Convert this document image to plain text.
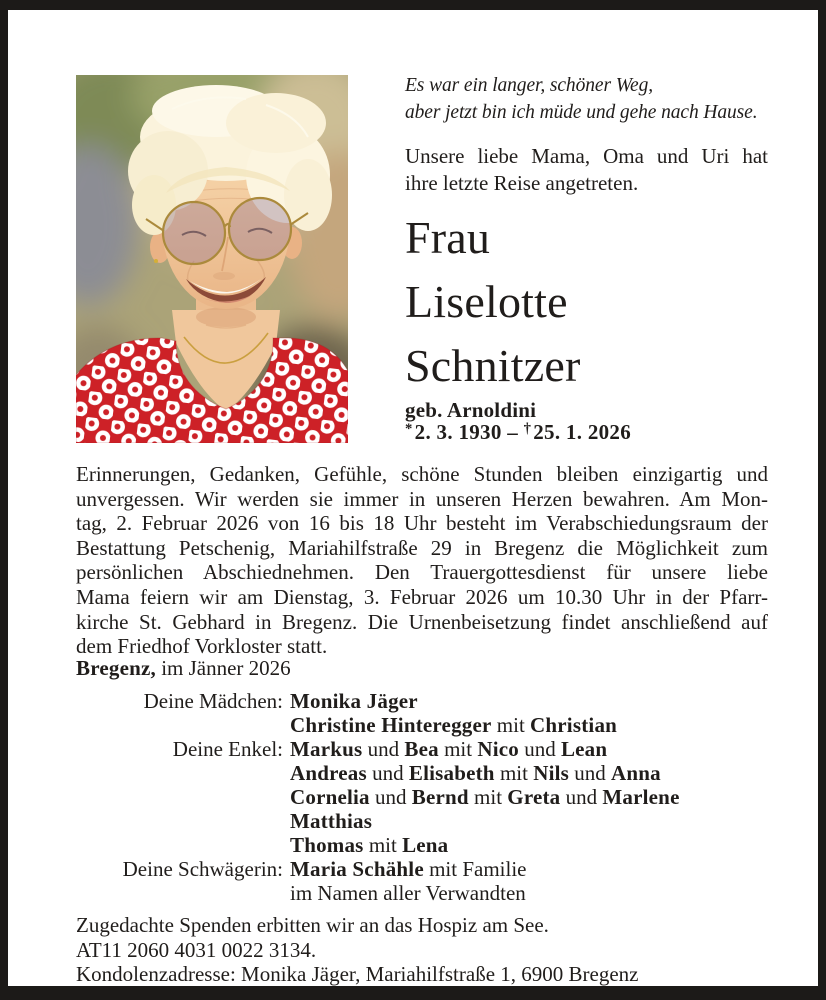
Es war ein langer, schöner Weg,
aber jetzt bin ich müde und gehe nach Hause.
Unsere liebe Mama, Oma und Uri hat
ihre letzte Reise angetreten.
Frau
Liselotte
Schnitzer
geb. Arnoldini
*2. 3. 1930 – †25. 1. 2026
Erinnerungen, Gedanken, Gefühle, schöne Stunden bleiben einzigartig und
unvergessen. Wir werden sie immer in unseren Herzen bewahren. Am Mon-
tag, 2. Februar 2026 von 16 bis 18 Uhr besteht im Verabschiedungsraum der
Bestattung Petschenig, Mariahilfstraße 29 in Bregenz die Möglichkeit zum
persönlichen Abschiednehmen. Den Trauergottesdienst für unsere liebe
Mama feiern wir am Dienstag, 3. Februar 2026 um 10.30 Uhr in der Pfarr-
kirche St. Gebhard in Bregenz. Die Urnenbeisetzung findet anschließend auf
dem Friedhof Vorkloster statt.
Bregenz, im Jänner 2026
Deine Mädchen: Monika Jäger
Christine Hinteregger mit Christian
Deine Enkel: Markus und Bea mit Nico und Lean
Andreas und Elisabeth mit Nils und Anna
Cornelia und Bernd mit Greta und Marlene
Matthias
Thomas mit Lena
Deine Schwägerin: Maria Schähle mit Familie
im Namen aller Verwandten
Zugedachte Spenden erbitten wir an das Hospiz am See.
AT11 2060 4031 0022 3134.
Kondolenzadresse: Monika Jäger, Mariahilfstraße 1, 6900 Bregenz
